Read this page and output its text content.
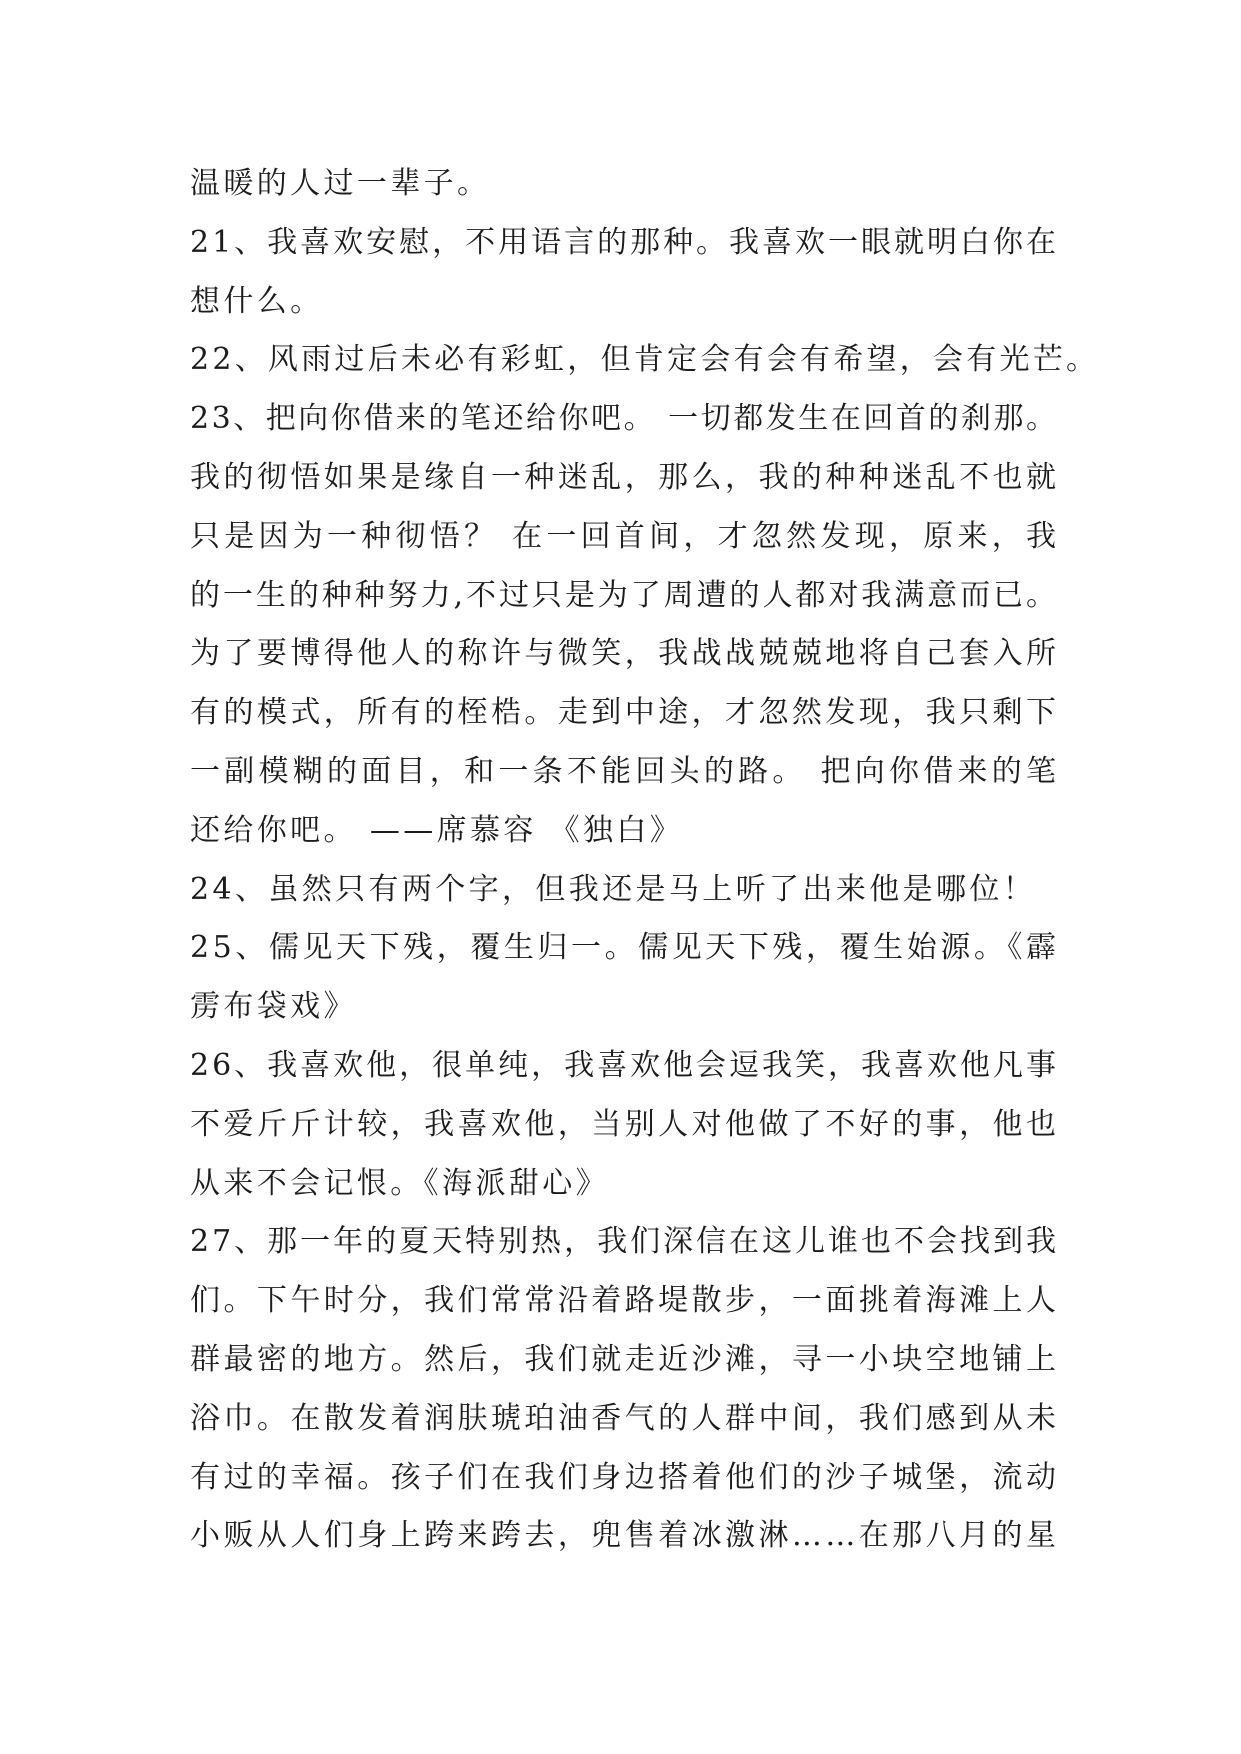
温暖的人过一辈子。
21、我喜欢安慰，不用语言的那种。我喜欢一眼就明白你在
想什么。
22、风雨过后未必有彩虹，但肯定会有会有希望，会有光芒。
23、把向你借来的笔还给你吧。 一切都发生在回首的刹那。
我的彻悟如果是缘自一种迷乱，那么，我的种种迷乱不也就
只是因为一种彻悟？ 在一回首间，才忽然发现，原来，我
的一生的种种努力,不过只是为了周遭的人都对我满意而已。
为了要博得他人的称许与微笑，我战战兢兢地将自己套入所
有的模式，所有的桎梏。走到中途，才忽然发现，我只剩下
一副模糊的面目，和一条不能回头的路。 把向你借来的笔
还给你吧。 ——席慕容 《独白》
24、虽然只有两个字，但我还是马上听了出来他是哪位！
25、儒见天下残，覆生归一。儒见天下残，覆生始源。《霹
雳布袋戏》
26、我喜欢他，很单纯，我喜欢他会逗我笑，我喜欢他凡事
不爱斤斤计较，我喜欢他，当别人对他做了不好的事，他也
从来不会记恨。《海派甜心》
27、那一年的夏天特别热，我们深信在这儿谁也不会找到我
们。下午时分，我们常常沿着路堤散步，一面挑着海滩上人
群最密的地方。然后，我们就走近沙滩，寻一小块空地铺上
浴巾。在散发着润肤琥珀油香气的人群中间，我们感到从未
有过的幸福。孩子们在我们身边搭着他们的沙子城堡，流动
小贩从人们身上跨来跨去，兜售着冰激淋……在那八月的星
